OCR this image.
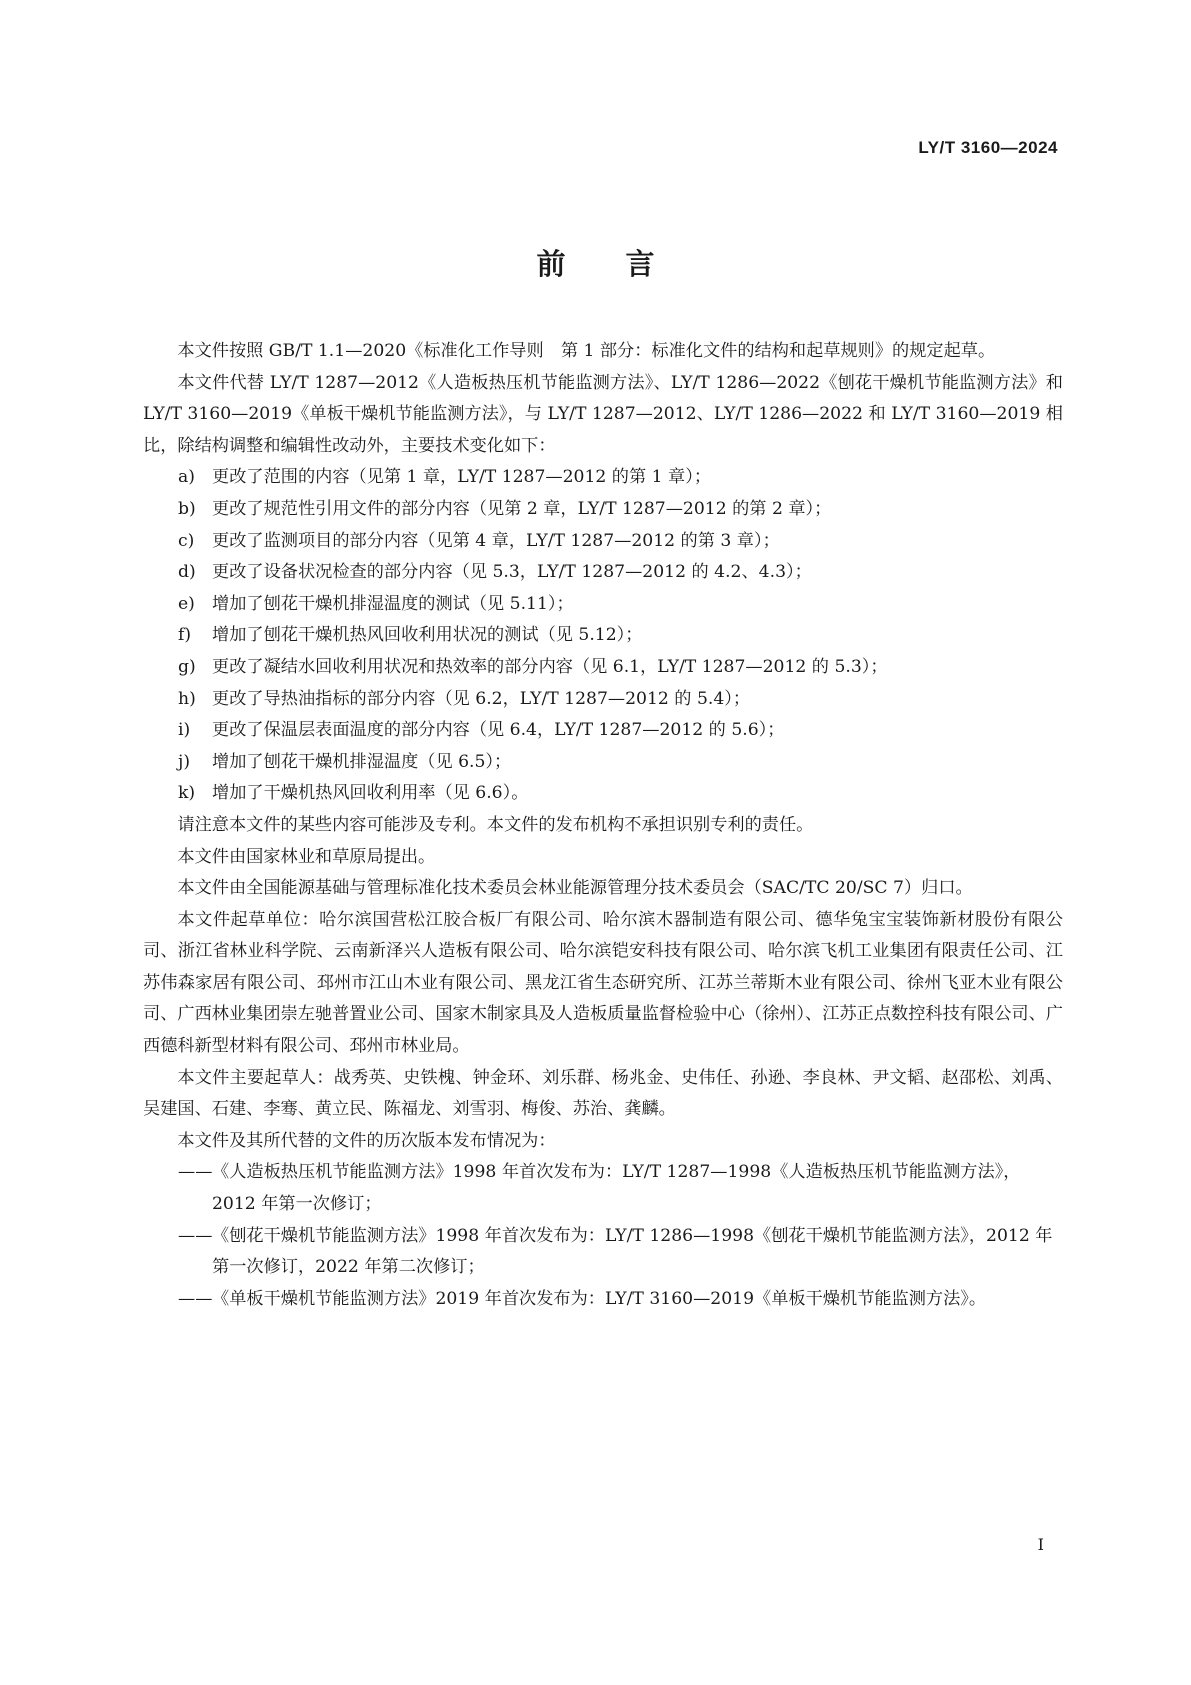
LY/T 3160—2024
前言

本文件按照 GB/T 1.1—2020《标准化工作导则　第 1 部分：标准化文件的结构和起草规则》的规定起草。

本文件代替 LY/T 1287—2012《人造板热压机节能监测方法》、LY/T 1286—2022《刨花干燥机节能监测方法》和 LY/T 3160—2019《单板干燥机节能监测方法》，与 LY/T 1287—2012、LY/T 1286—2022 和 LY/T 3160—2019 相比，除结构调整和编辑性改动外，主要技术变化如下：

a) 更改了范围的内容（见第 1 章，LY/T 1287—2012 的第 1 章）；
b) 更改了规范性引用文件的部分内容（见第 2 章，LY/T 1287—2012 的第 2 章）；
c) 更改了监测项目的部分内容（见第 4 章，LY/T 1287—2012 的第 3 章）；
d) 更改了设备状况检查的部分内容（见 5.3，LY/T 1287—2012 的 4.2、4.3）；
e) 增加了刨花干燥机排湿温度的测试（见 5.11）；
f) 增加了刨花干燥机热风回收利用状况的测试（见 5.12）；
g) 更改了凝结水回收利用状况和热效率的部分内容（见 6.1，LY/T 1287—2012 的 5.3）；
h) 更改了导热油指标的部分内容（见 6.2，LY/T 1287—2012 的 5.4）；
i) 更改了保温层表面温度的部分内容（见 6.4，LY/T 1287—2012 的 5.6）；
j) 增加了刨花干燥机排湿温度（见 6.5）；
k) 增加了干燥机热风回收利用率（见 6.6）。

请注意本文件的某些内容可能涉及专利。本文件的发布机构不承担识别专利的责任。

本文件由国家林业和草原局提出。

本文件由全国能源基础与管理标准化技术委员会林业能源管理分技术委员会（SAC/TC 20/SC 7）归口。

本文件起草单位：哈尔滨国营松江胶合板厂有限公司、哈尔滨木器制造有限公司、德华兔宝宝装饰新材股份有限公司、浙江省林业科学院、云南新泽兴人造板有限公司、哈尔滨铠安科技有限公司、哈尔滨飞机工业集团有限责任公司、江苏伟森家居有限公司、邳州市江山木业有限公司、黑龙江省生态研究所、江苏兰蒂斯木业有限公司、徐州飞亚木业有限公司、广西林业集团崇左驰普置业公司、国家木制家具及人造板质量监督检验中心（徐州）、江苏正点数控科技有限公司、广西德科新型材料有限公司、邳州市林业局。

本文件主要起草人：战秀英、史铁槐、钟金环、刘乐群、杨兆金、史伟任、孙逊、李良林、尹文韬、赵邵松、刘禹、吴建国、石建、李骞、黄立民、陈福龙、刘雪羽、梅俊、苏治、龚麟。

本文件及其所代替的文件的历次版本发布情况为：

—— 《人造板热压机节能监测方法》1998 年首次发布为：LY/T 1287—1998《人造板热压机节能监测方法》，2012 年第一次修订；
—— 《刨花干燥机节能监测方法》1998 年首次发布为：LY/T 1286—1998《刨花干燥机节能监测方法》，2012 年第一次修订，2022 年第二次修订；
—— 《单板干燥机节能监测方法》2019 年首次发布为：LY/T 3160—2019《单板干燥机节能监测方法》。
I
